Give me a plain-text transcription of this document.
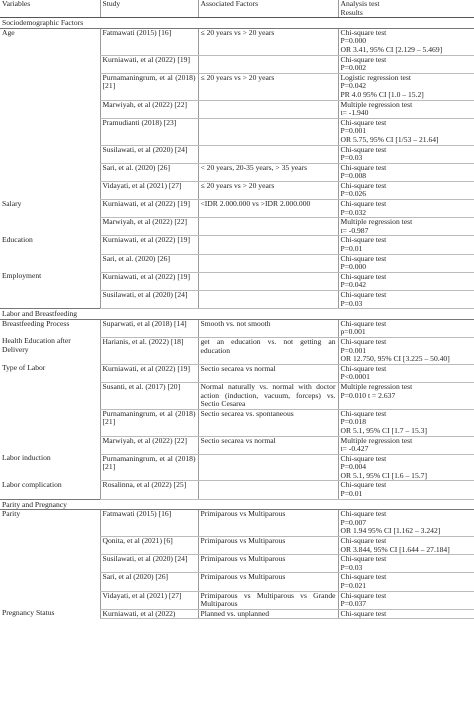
Variables	Study	Associated Factors	Analysis test
Results
Sociodemographic Factors			
Age	Fatmawati (2015) [16]	≤ 20 years vs > 20 years	Chi-square test
P=0.000
OR 3.41, 95% CI [2.129 – 5.469]
	Kurniawati, et al (2022) [19]		Chi-square test
P=0.002
	Purnamaningrum, et al (2018) [21]	≤ 20 years vs > 20 years	Logistic regression test
P=0.042
PR 4.0 95% CI [1.0 – 15.2]
	Marwiyah, et al (2022) [22]		Multiple regression test
t= -1.940
	Pramudianti (2018) [23]		Chi-square test
P=0.001
OR 5.75, 95% CI [1/53 – 21.64]
	Susilawati, et al (2020) [24]		Chi-square test
P=0.03
	Sari, et al. (2020) [26]	< 20 years, 20-35 years, > 35 years	Chi-square test
P=0.008
	Vidayati, et al (2021) [27]	≤ 20 years vs > 20 years	Chi-square test
P=0.026
Salary	Kurniawati, et al (2022) [19]	<IDR 2.000.000 vs >IDR 2.000.000	Chi-square test
P=0.032
	Marwiyah, et al (2022) [22]		Multiple regression test
t= -0.987
Education	Kurniawati, et al (2022) [19]		Chi-square test
P=0.01
	Sari, et al. (2020) [26]		Chi-square test
P=0.000

Employment	Kurniawati, et al (2022) [19]		Chi-square test
P=0.042
	Susilawati, et al (2020) [24]		Chi-square test
P=0.03
Labor and Breastfeeding			
Breastfeeding Process	Suparwati, et al (2018) [14]	Smooth vs. not smooth	Chi-square test
p=0.001
Health Education after Delivery	Harianis, et al. (2022) [18]	get an education vs. not getting an education	Chi-square test
P=0.001
OR 12.750, 95% CI [3.225 – 50.40]
Type of Labor	Kurniawati, et al (2022) [19]	Sectio secarea vs normal	Chi-square test
P<0.0001
	Susanti, et al. (2017) [20]	Normal naturally vs. normal with doctor action (induction, vacuum, forceps) vs. Sectio Cesarea	Multiple regression test
P=0.010 t = 2.637
	Purnamaningrum, et al (2018) [21]	Sectio secarea vs. spontaneous	Chi-square test
P=0.018
OR 5.1, 95% CI [1.7 – 15.3]
	Marwiyah, et al (2022) [22]	Sectio secarea vs normal	Multiple regression test
t= -0.427
Labor induction	Purnamaningrum, et al (2018) [21]		Chi-square test
P=0.004
OR 5.1, 95% CI [1.6 – 15.7]
Labor complication	Rosalinna, et al (2022) [25]		Chi-square test
P=0.01
Parity and Pregnancy			
Parity	Fatmawati (2015) [16]	Primiparous vs Multiparous	Chi-square test
P=0.007
OR 1.94 95% CI [1.162 – 3.242]
	Qonita, et al (2021) [6]	Primiparous vs Multiparous	Chi-square test
OR 3.844, 95% CI [1.644 – 27.184]
	Susilawati, et al (2020) [24]	Primiparous vs Multiparous	Chi-square test
P=0.03
	Sari, et al (2020) [26]	Primiparous vs Multiparous	Chi-square test
P=0.021
	Vidayati, et al (2021) [27]	Primiparous vs Multiparous vs Grande Multiparous	Chi-square test
P=0.037
Pregnancy Status	Kurniawati, et al (2022)	Planned vs. unplanned	Chi-square test
